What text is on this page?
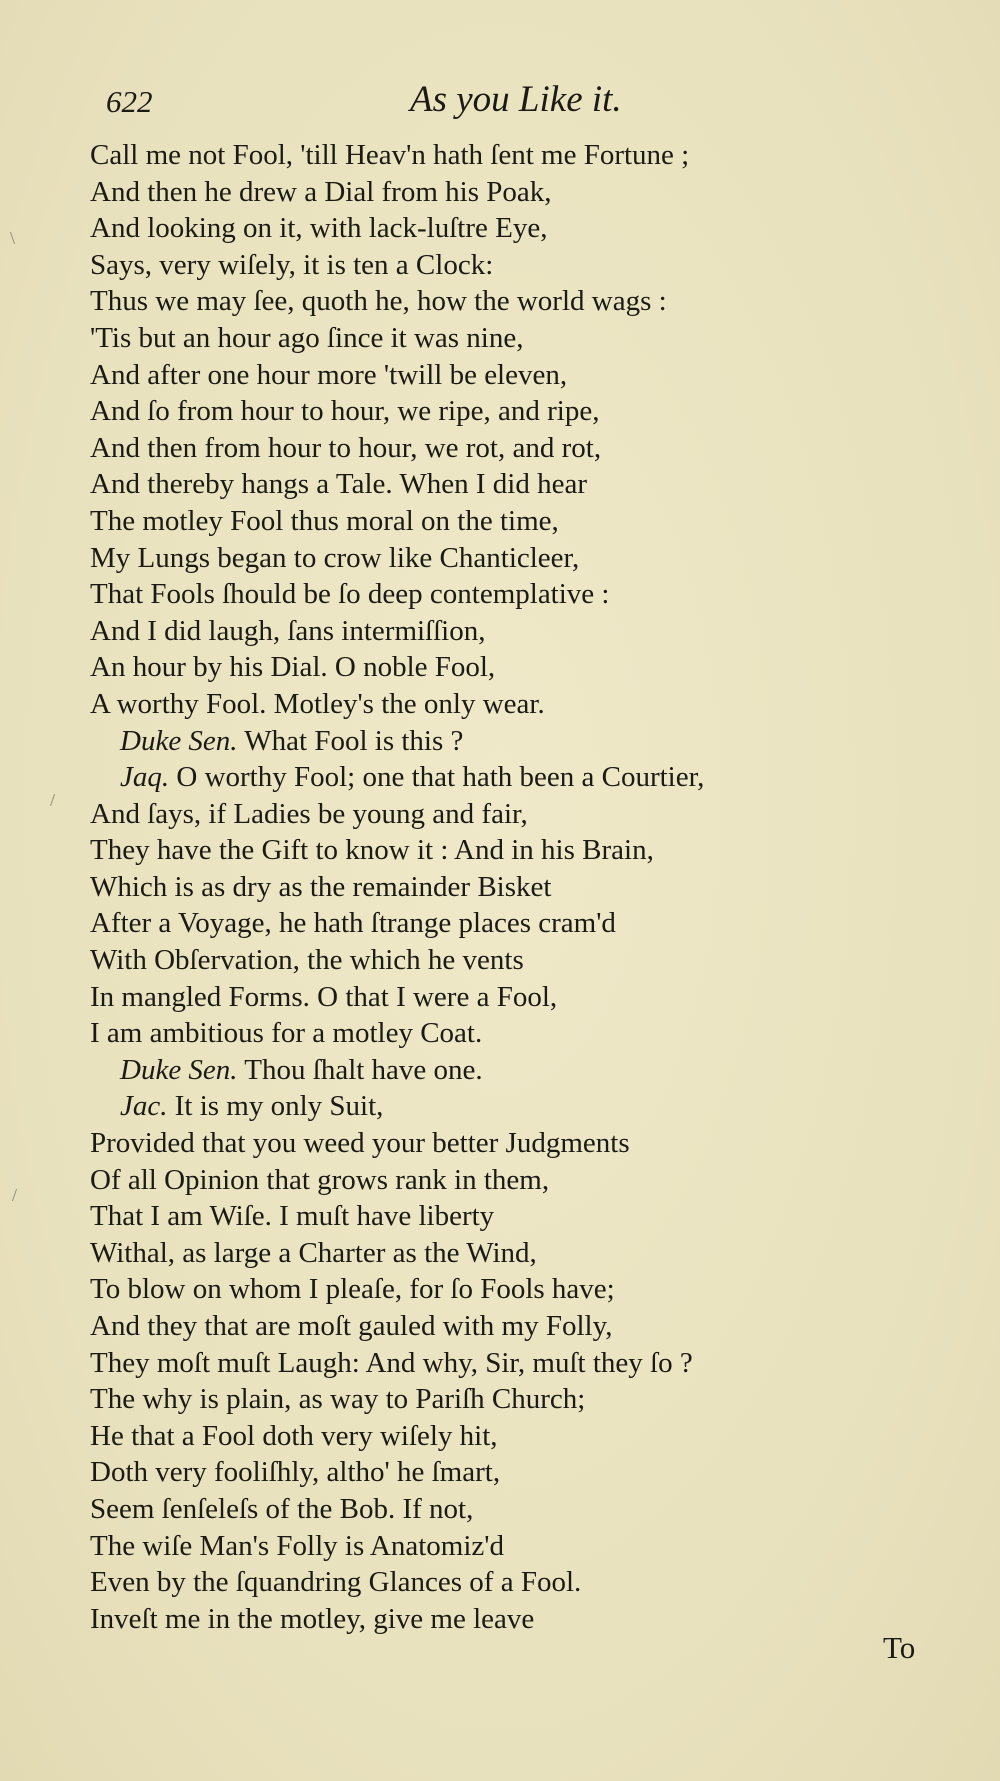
622	As you Like it.
Call me not Fool, 'till Heav'n hath ſent me Fortune ;
And then he drew a Dial from his Poak,
And looking on it, with lack-luſtre Eye,
Says, very wiſely, it is ten a Clock:
Thus we may ſee, quoth he, how the world wags :
'Tis but an hour ago ſince it was nine,
And after one hour more 'twill be eleven,
And ſo from hour to hour, we ripe, and ripe,
And then from hour to hour, we rot, and rot,
And thereby hangs a Tale. When I did hear
The motley Fool thus moral on the time,
My Lungs began to crow like Chanticleer,
That Fools ſhould be ſo deep contemplative :
And I did laugh, ſans intermiſſion,
An hour by his Dial. O noble Fool,
A worthy Fool. Motley's the only wear.
Duke Sen. What Fool is this ?
Jaq. O worthy Fool; one that hath been a Courtier,
And ſays, if Ladies be young and fair,
They have the Gift to know it : And in his Brain,
Which is as dry as the remainder Bisket
After a Voyage, he hath ſtrange places cram'd
With Obſervation, the which he vents
In mangled Forms. O that I were a Fool,
I am ambitious for a motley Coat.
Duke Sen. Thou ſhalt have one.
Jac. It is my only Suit,
Provided that you weed your better Judgments
Of all Opinion that grows rank in them,
That I am Wiſe. I muſt have liberty
Withal, as large a Charter as the Wind,
To blow on whom I pleaſe, for ſo Fools have;
And they that are moſt gauled with my Folly,
They moſt muſt Laugh: And why, Sir, muſt they ſo ?
The why is plain, as way to Pariſh Church;
He that a Fool doth very wiſely hit,
Doth very fooliſhly, altho' he ſmart,
Seem ſenſeleſs of the Bob. If not,
The wiſe Man's Folly is Anatomiz'd
Even by the ſquandring Glances of a Fool.
Inveſt me in the motley, give me leave
To
\
/
/
